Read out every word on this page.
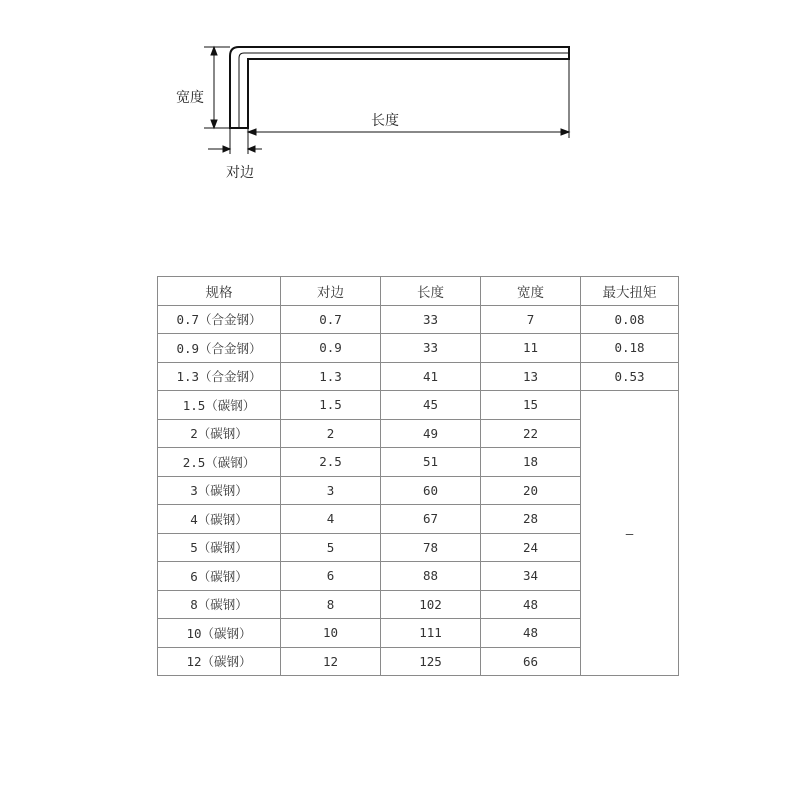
宽度
长度
对边
规格	对边	长度	宽度	最大扭矩
0.7（合金钢）	0.7	33	7	0.08
0.9（合金钢）	0.9	33	11	0.18
1.3（合金钢）	1.3	41	13	0.53
1.5（碳钢）	1.5	45	15	–
2（碳钢）	2	49	22	
2.5（碳钢）	2.5	51	18	
3（碳钢）	3	60	20	
4（碳钢）	4	67	28	
5（碳钢）	5	78	24	
6（碳钢）	6	88	34	
8（碳钢）	8	102	48	
10（碳钢）	10	111	48	
12（碳钢）	12	125	66	
